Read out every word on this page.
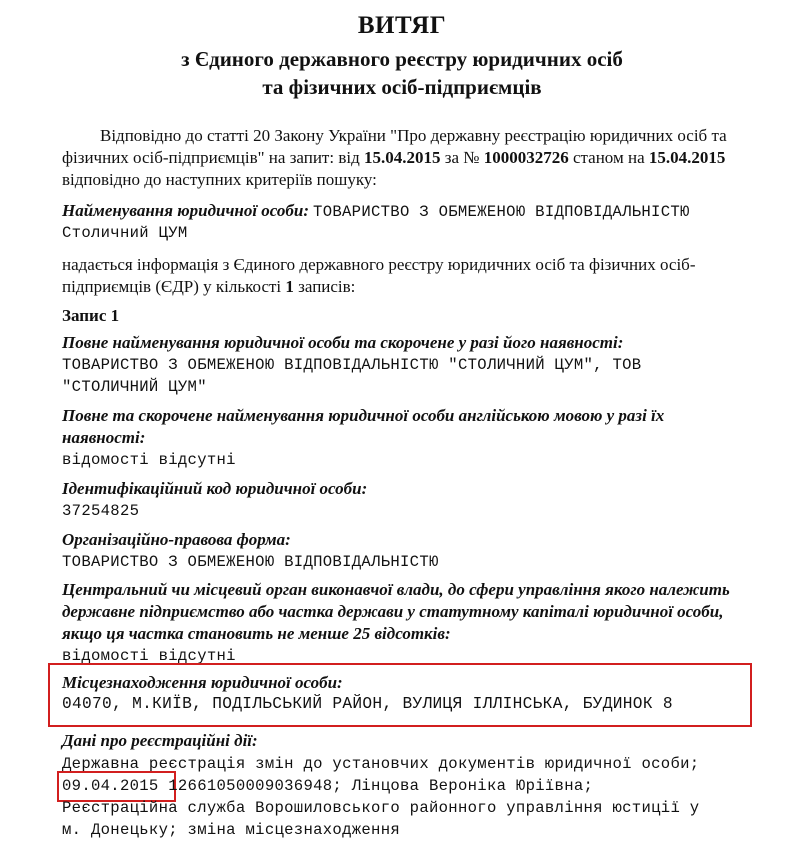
ВИТЯГ
з Єдиного державного реєстру юридичних осіб
та фізичних осіб-підприємців
Відповідно до статті 20 Закону України "Про державну реєстрацію юридичних осіб та
фізичних осіб-підприємців" на запит: від 15.04.2015 за № 1000032726 станом на 15.04.2015
відповідно до наступних критеріїв пошуку:
Найменування юридичної особи: ТОВАРИСТВО З ОБМЕЖЕНОЮ ВІДПОВІДАЛЬНІСТЮ
Столичний ЦУМ
надається інформація з Єдиного державного реєстру юридичних осіб та фізичних осіб-
підприємців (ЄДР) у кількості 1 записів:
Запис 1
Повне найменування юридичної особи та скорочене у разі його наявності:
ТОВАРИСТВО З ОБМЕЖЕНОЮ ВІДПОВІДАЛЬНІСТЮ "СТОЛИЧНИЙ ЦУМ", ТОВ
"СТОЛИЧНИЙ ЦУМ"
Повне та скорочене найменування юридичної особи англійською мовою у разі їх
наявності:
відомості відсутні
Ідентифікаційний код юридичної особи:
37254825
Організаційно-правова форма:
ТОВАРИСТВО З ОБМЕЖЕНОЮ ВІДПОВІДАЛЬНІСТЮ
Центральний чи місцевий орган виконавчої влади, до сфери управління якого належить
державне підприємство або частка держави у статутному капіталі юридичної особи,
якщо ця частка становить не менше 25 відсотків:
відомості відсутні
Місцезнаходження юридичної особи:
04070, М.КИЇВ, ПОДІЛЬСЬКИЙ РАЙОН, ВУЛИЦЯ ІЛЛІНСЬКА, БУДИНОК 8
Дані про реєстраційні дії:
Державна реєстрація змін до установчих документів юридичної особи;
09.04.2015 12661050009036948; Лінцова Вероніка Юріївна;
Реєстраційна служба Ворошиловського районного управління юстиції у
м. Донецьку; зміна місцезнаходження
